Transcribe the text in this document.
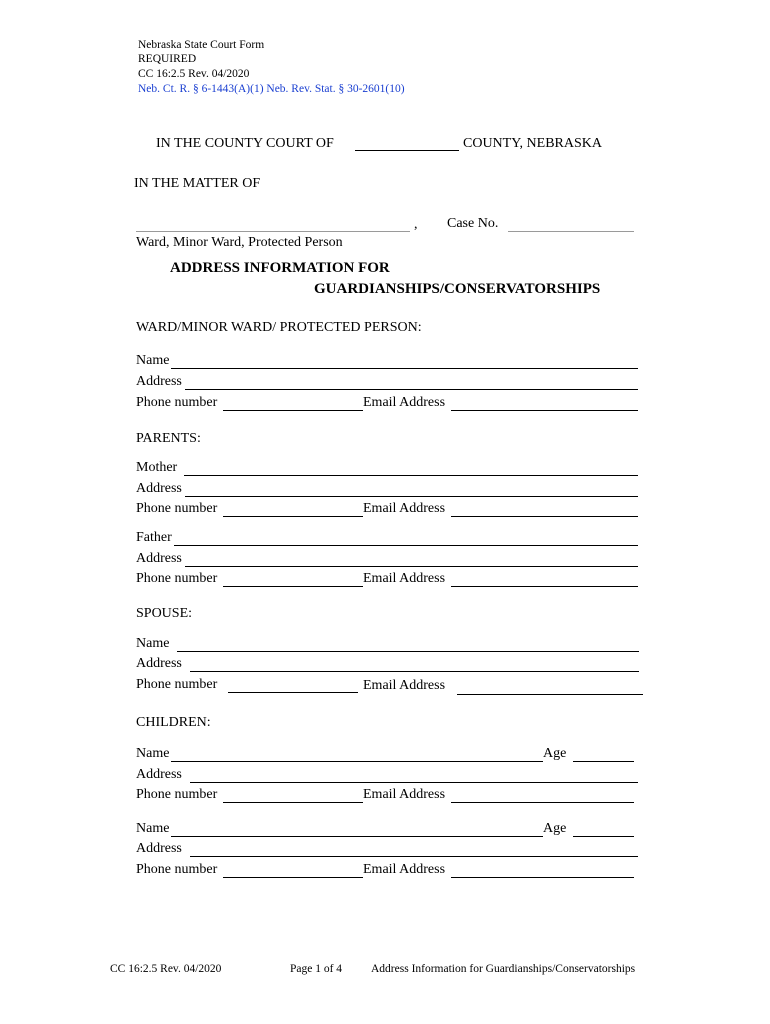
Nebraska State Court Form
REQUIRED
CC 16:2.5 Rev. 04/2020
Neb. Ct. R. § 6-1443(A)(1) Neb. Rev. Stat. § 30-2601(10)
IN THE COUNTY COURT OF	COUNTY, NEBRASKA
IN THE MATTER OF
, Case No.
Ward, Minor Ward, Protected Person
ADDRESS INFORMATION FOR
GUARDIANSHIPS/CONSERVATORSHIPS
WARD/MINOR WARD/ PROTECTED PERSON:
Name
Address
Phone number	Email Address
PARENTS:
Mother
Address
Phone number	Email Address
Father
Address
Phone number	Email Address
SPOUSE:
Name
Address
Phone number	Email Address
CHILDREN:
Name	Age
Address
Phone number	Email Address
Name	Age
Address
Phone number	Email Address
CC 16:2.5 Rev. 04/2020	Page 1 of 4	Address Information for Guardianships/Conservatorships
